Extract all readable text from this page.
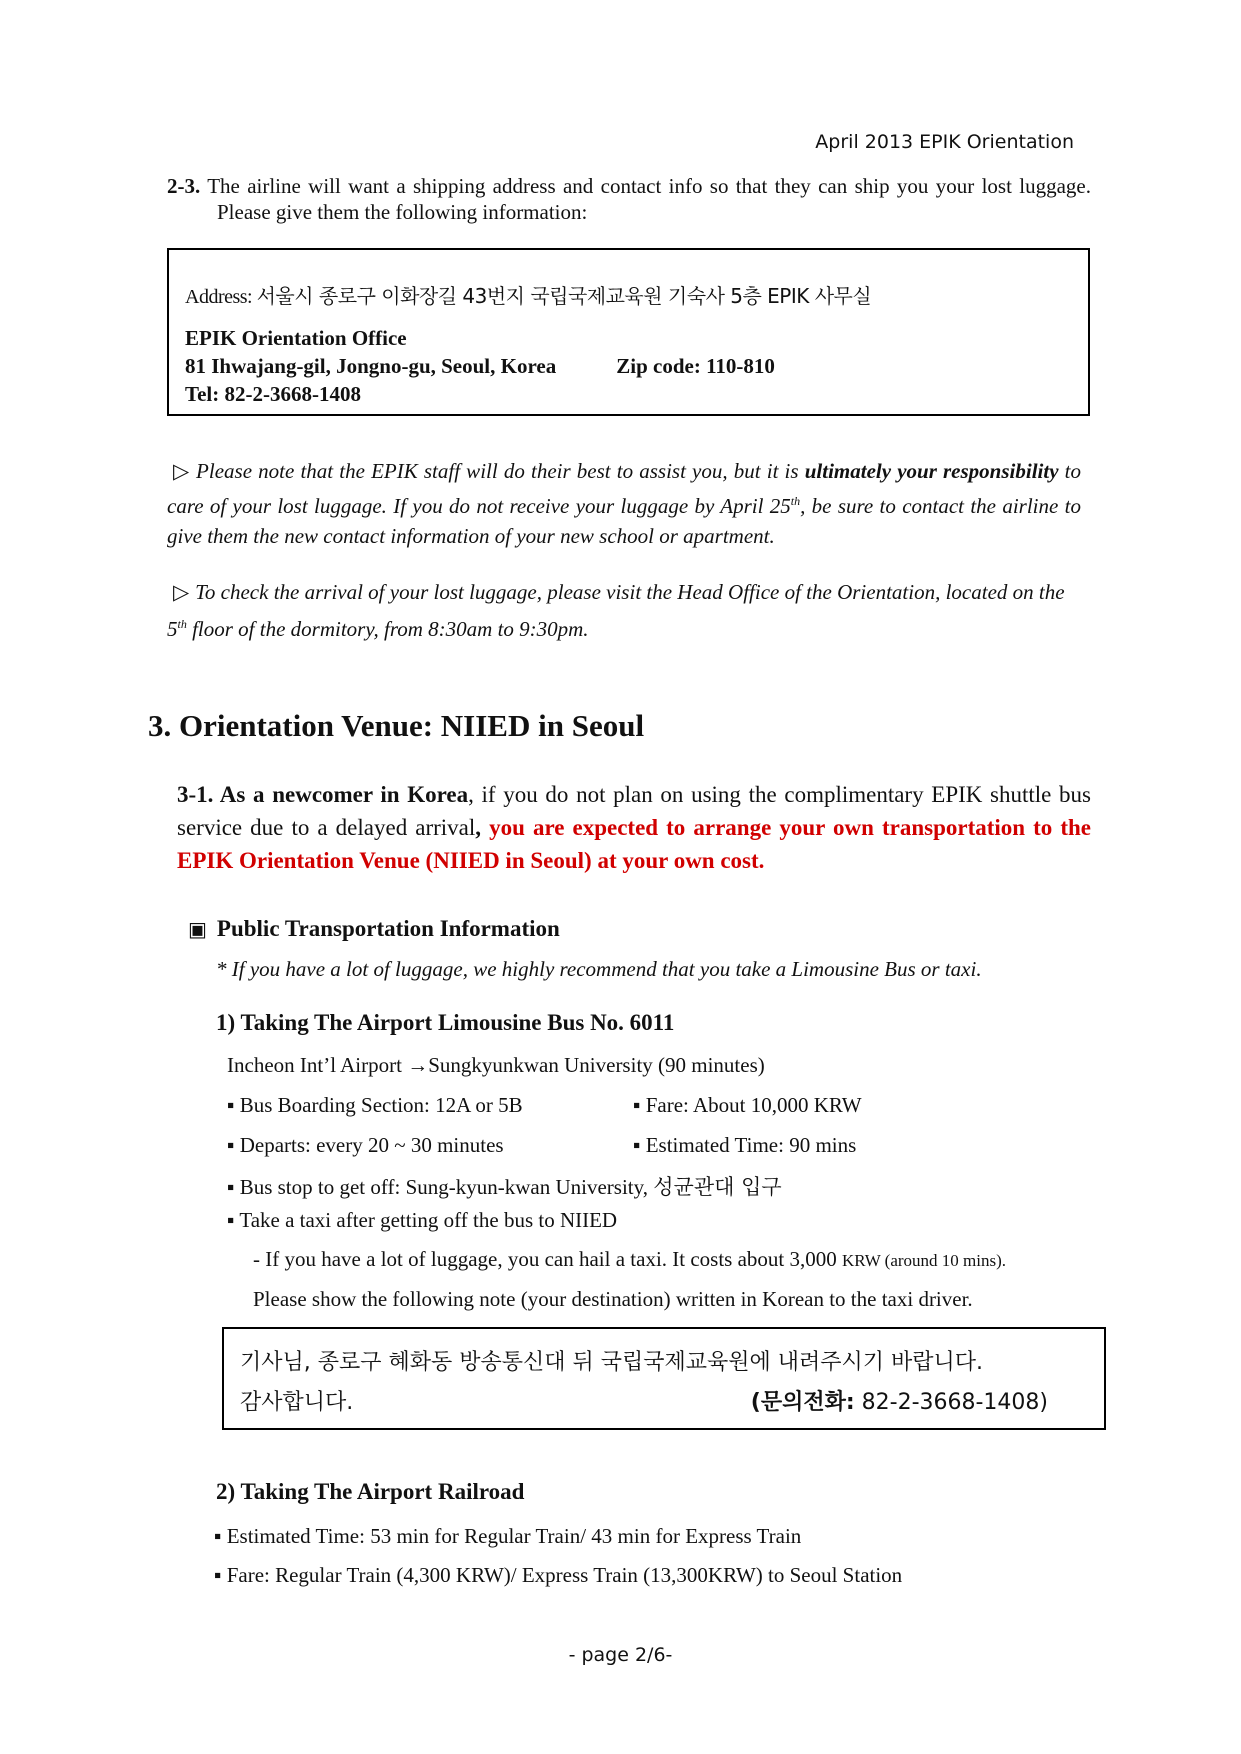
April 2013 EPIK Orientation
2-3. The airline will want a shipping address and contact info so that they can ship you your lost luggage. Please give them the following information:
Address: 서울시 종로구 이화장길 43번지 국립국제교육원 기숙사 5층 EPIK 사무실
EPIK Orientation Office
81 Ihwajang-gil, Jongno-gu, Seoul, Korea	Zip code: 110-810
Tel: 82-2-3668-1408
▷ Please note that the EPIK staff will do their best to assist you, but it is ultimately your responsibility to care of your lost luggage. If you do not receive your luggage by April 25th, be sure to contact the airline to give them the new contact information of your new school or apartment.
▷ To check the arrival of your lost luggage, please visit the Head Office of the Orientation, located on the 5th floor of the dormitory, from 8:30am to 9:30pm.
3. Orientation Venue: NIIED in Seoul
3-1. As a newcomer in Korea, if you do not plan on using the complimentary EPIK shuttle bus service due to a delayed arrival, you are expected to arrange your own transportation to the EPIK Orientation Venue (NIIED in Seoul) at your own cost.
▣ Public Transportation Information
* If you have a lot of luggage, we highly recommend that you take a Limousine Bus or taxi.
1) Taking The Airport Limousine Bus No. 6011
Incheon Int’l Airport →Sungkyunkwan University (90 minutes)
▪ Bus Boarding Section: 12A or 5B	▪ Fare: About 10,000 KRW
▪ Departs: every 20 ~ 30 minutes	▪ Estimated Time: 90 mins
▪ Bus stop to get off: Sung-kyun-kwan University, 성균관대 입구
▪ Take a taxi after getting off the bus to NIIED
- If you have a lot of luggage, you can hail a taxi. It costs about 3,000 KRW (around 10 mins).
Please show the following note (your destination) written in Korean to the taxi driver.
기사님, 종로구 혜화동 방송통신대 뒤 국립국제교육원에 내려주시기 바랍니다.
감사합니다.	(문의전화: 82-2-3668-1408)
2) Taking The Airport Railroad
▪ Estimated Time: 53 min for Regular Train/ 43 min for Express Train
▪ Fare: Regular Train (4,300 KRW)/ Express Train (13,300KRW) to Seoul Station
- page 2/6-
